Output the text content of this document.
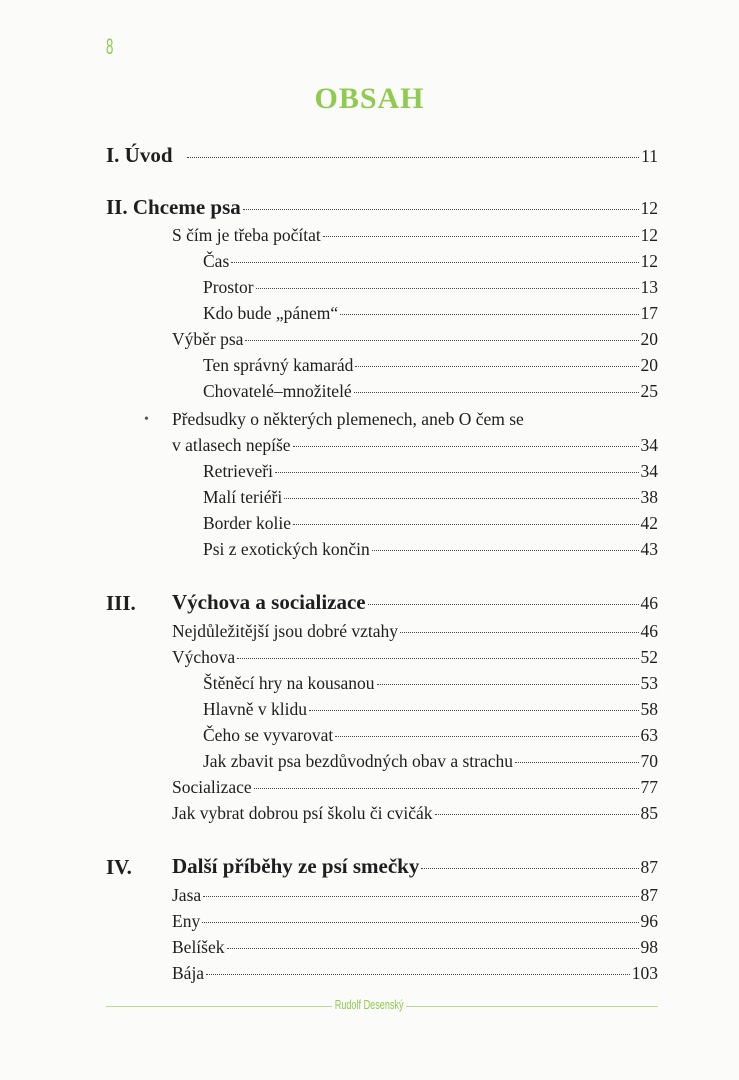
8
OBSAH
I. Úvod	11
II. Chceme psa	12
S čím je třeba počítat	12
Čas	12
Prostor	13
Kdo bude „pánem“	17
Výběr psa	20
Ten správný kamarád	20
Chovatelé–množitelé	25
• Předsudky o některých plemenech, aneb O čem se
v atlasech nepíše	34
Retrieveři	34
Malí teriéři	38
Border kolie	42
Psi z exotických končin	43
III. Výchova a socializace	46
Nejdůležitější jsou dobré vztahy	46
Výchova	52
Štěněcí hry na kousanou	53
Hlavně v klidu	58
Čeho se vyvarovat	63
Jak zbavit psa bezdůvodných obav a strachu	70
Socializace	77
Jak vybrat dobrou psí školu či cvičák	85
IV. Další příběhy ze psí smečky	87
Jasa	87
Eny	96
Belíšek	98
Bája	103
Rudolf Desenský
